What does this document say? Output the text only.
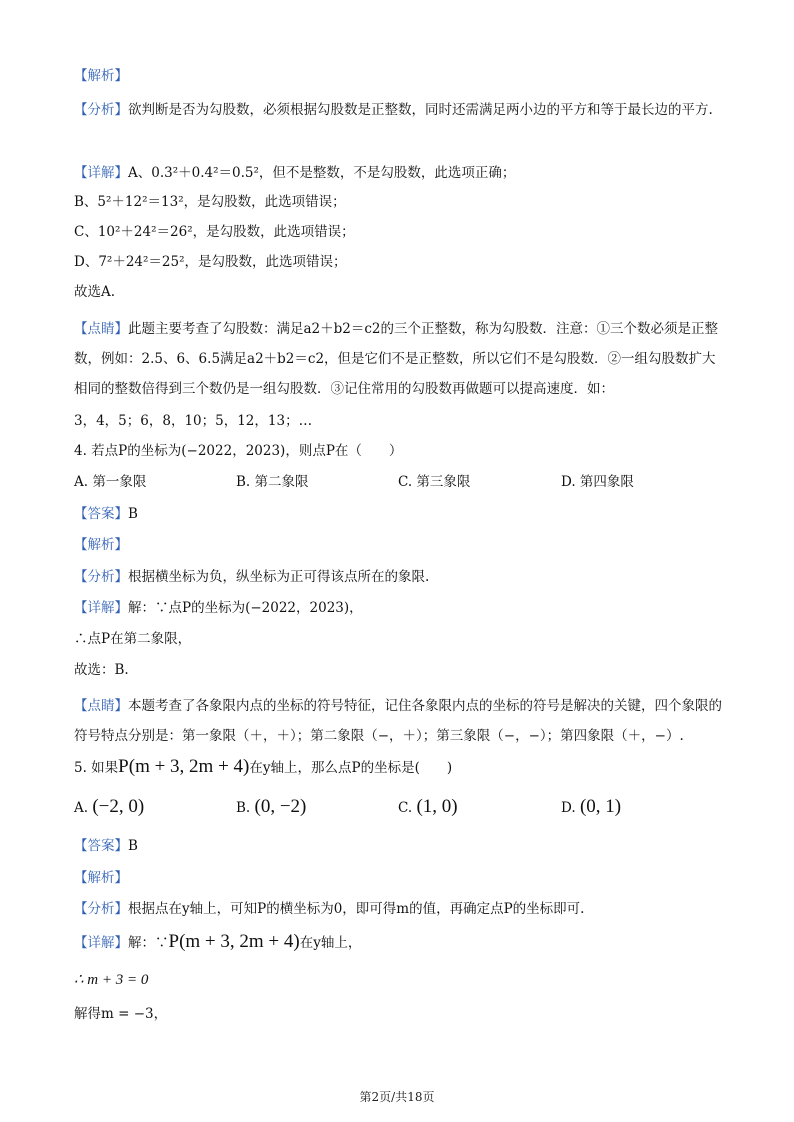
【解析】
【分析】欲判断是否为勾股数，必须根据勾股数是正整数，同时还需满足两小边的平方和等于最长边的平方.
【详解】A、0.3²＋0.4²＝0.5²，但不是整数，不是勾股数，此选项正确；
B、5²＋12²＝13²，是勾股数，此选项错误；
C、10²＋24²＝26²，是勾股数，此选项错误；
D、7²＋24²＝25²，是勾股数，此选项错误；
故选A.
【点睛】此题主要考查了勾股数：满足a2＋b2＝c2的三个正整数，称为勾股数．注意：①三个数必须是正整数，例如：2.5、6、6.5满足a2＋b2＝c2，但是它们不是正整数，所以它们不是勾股数．②一组勾股数扩大相同的整数倍得到三个数仍是一组勾股数．③记住常用的勾股数再做题可以提高速度．如：
3，4，5；6，8，10；5，12，13；…
4. 若点P的坐标为(−2022，2023)，则点P在（　　）
A. 第一象限	B. 第二象限	C. 第三象限	D. 第四象限
【答案】B
【解析】
【分析】根据横坐标为负，纵坐标为正可得该点所在的象限.
【详解】解：∵点P的坐标为(−2022，2023)，
∴点P在第二象限，
故选：B.
【点睛】本题考查了各象限内点的坐标的符号特征，记住各象限内点的坐标的符号是解决的关键，四个象限的符号特点分别是：第一象限（＋，＋）；第二象限（−，＋）；第三象限（−，−）；第四象限（＋，−）.
5. 如果P(m + 3, 2m + 4)在y轴上，那么点P的坐标是(　　)
A. (−2, 0)	B. (0, −2)	C. (1, 0)	D. (0, 1)
【答案】B
【解析】
【分析】根据点在y轴上，可知P的横坐标为0，即可得m的值，再确定点P的坐标即可.
【详解】解：∵P(m + 3, 2m + 4)在y轴上，
∴ m + 3 = 0
解得m = −3，
第2页/共18页
